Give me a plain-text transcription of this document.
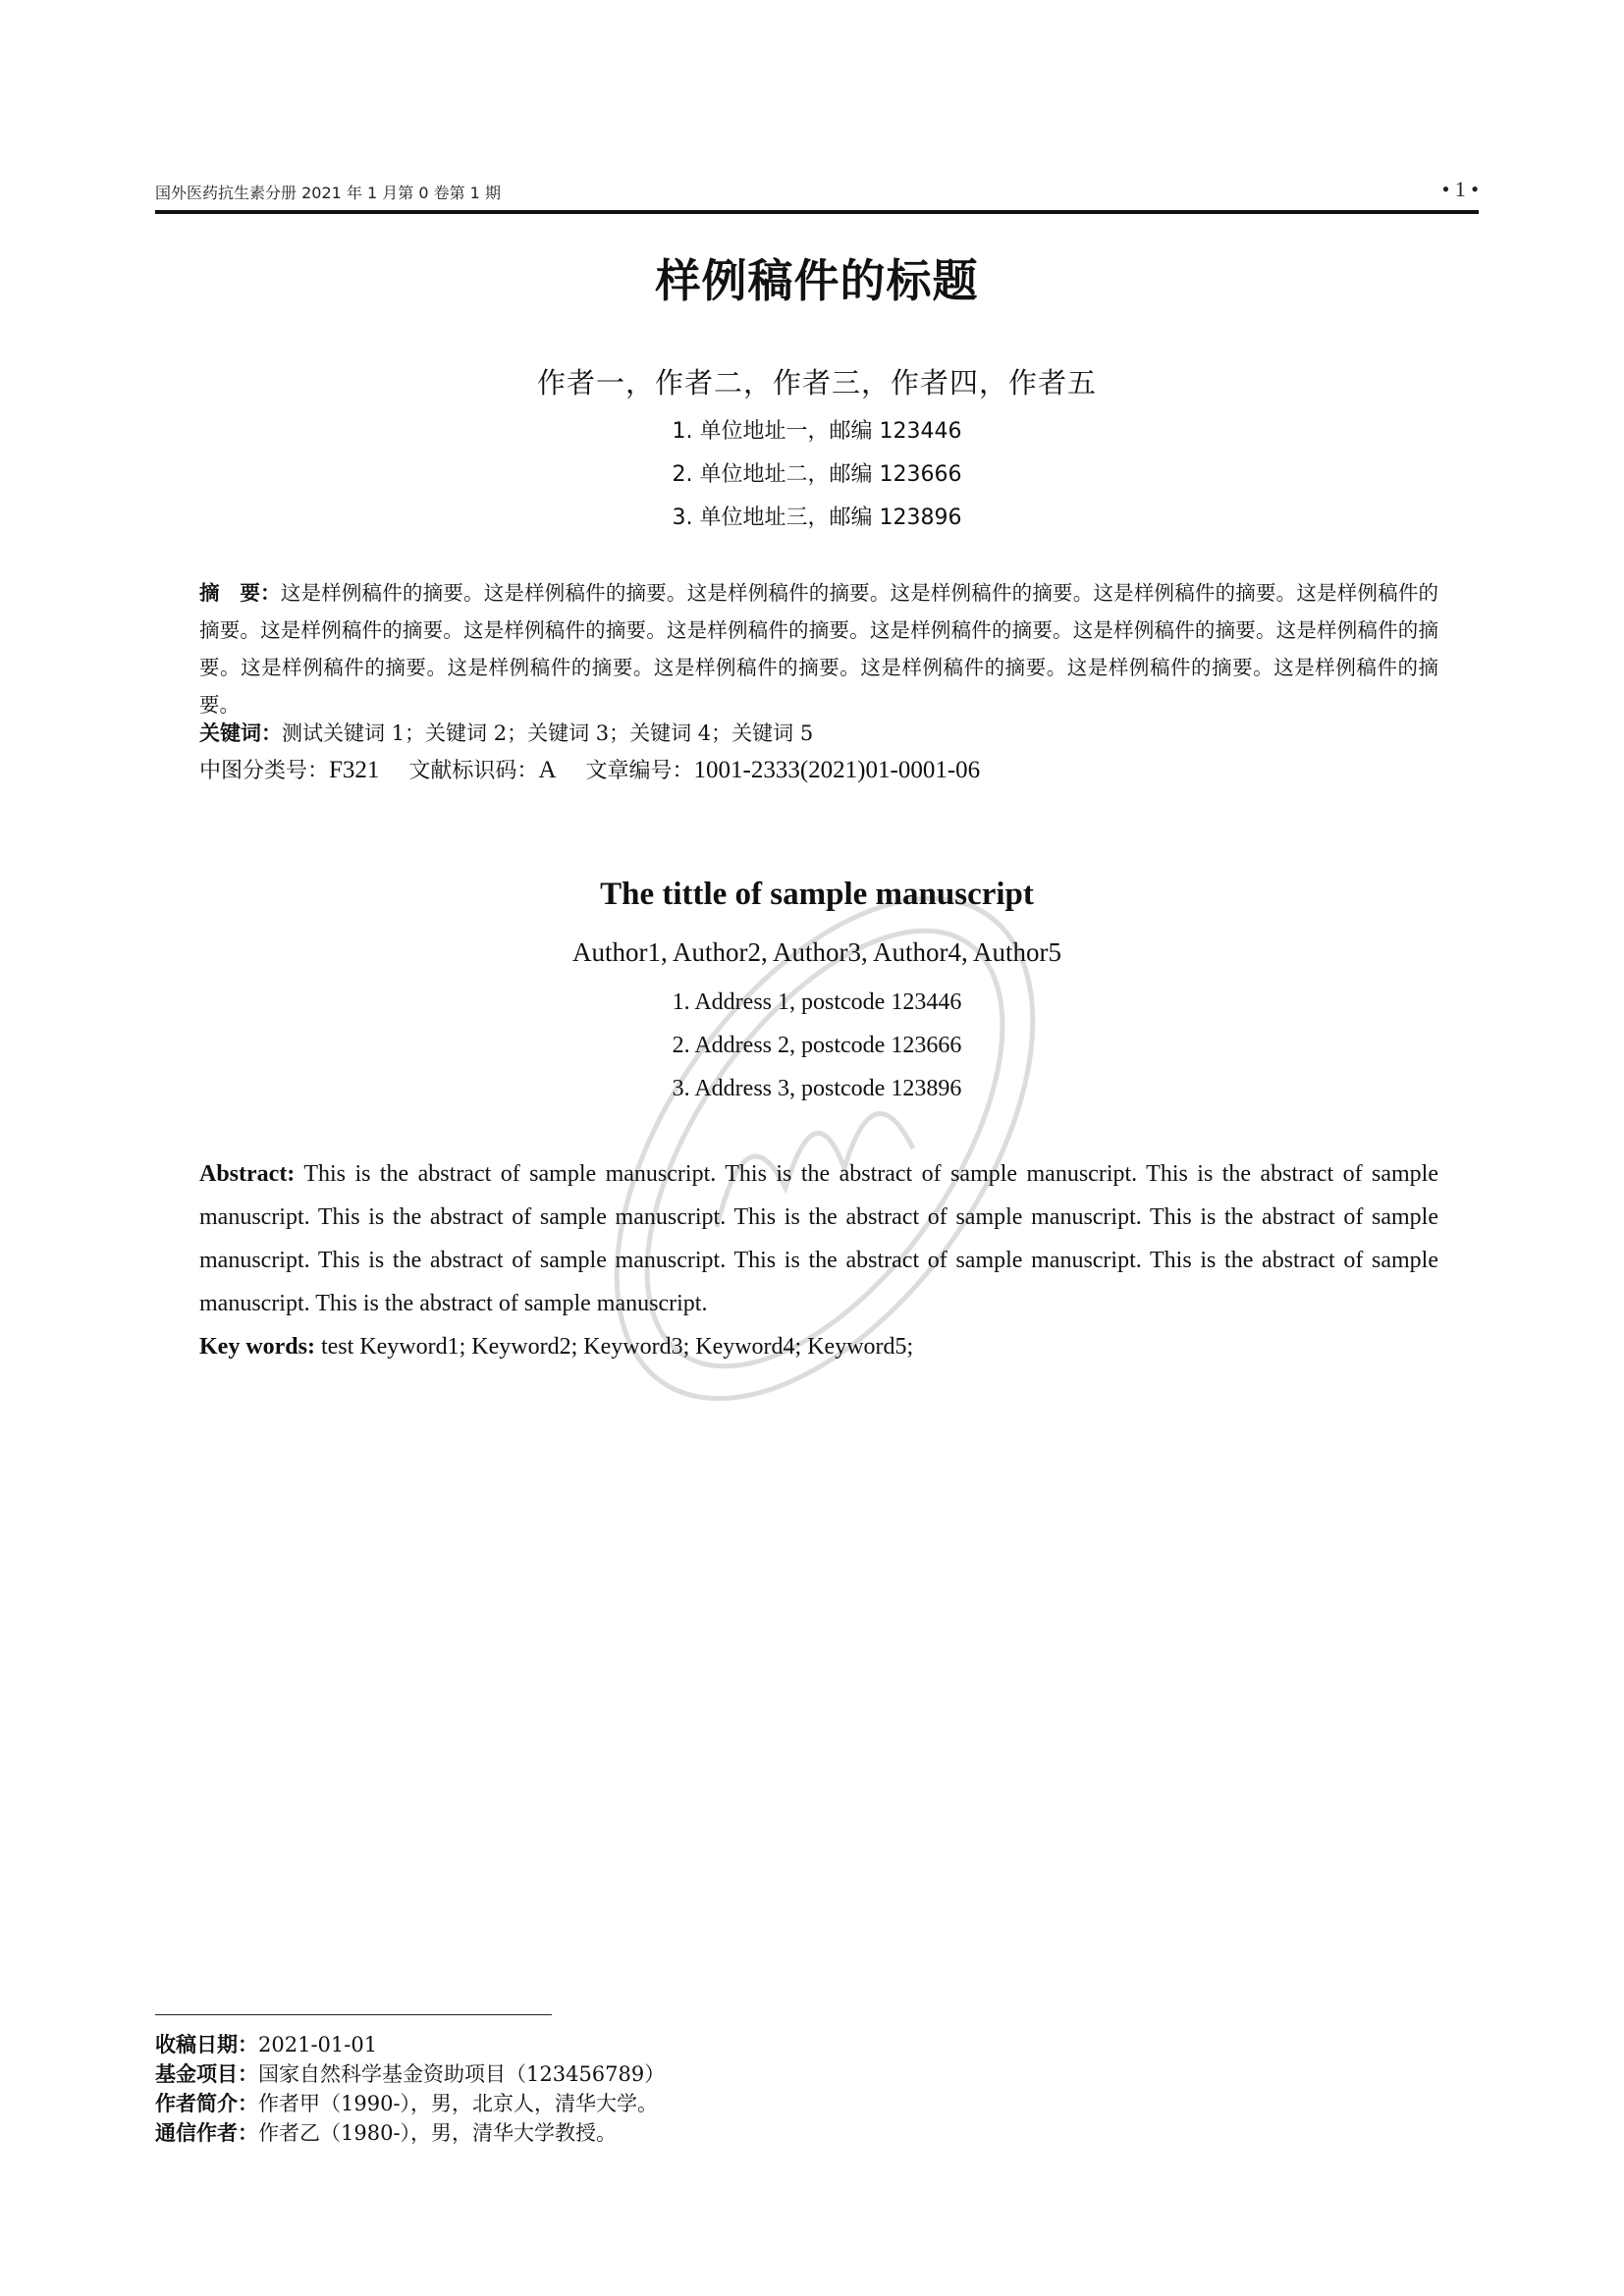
国外医药抗生素分册 2021 年 1 月第 0 卷第 1 期	• 1 •
样例稿件的标题
作者一，作者二，作者三，作者四，作者五
1. 单位地址一，邮编 123446
2. 单位地址二，邮编 123666
3. 单位地址三，邮编 123896
摘　要：这是样例稿件的摘要。这是样例稿件的摘要。这是样例稿件的摘要。这是样例稿件的摘要。这是样例稿件的摘要。这是样例稿件的摘要。这是样例稿件的摘要。这是样例稿件的摘要。这是样例稿件的摘要。这是样例稿件的摘要。这是样例稿件的摘要。这是样例稿件的摘要。这是样例稿件的摘要。这是样例稿件的摘要。这是样例稿件的摘要。这是样例稿件的摘要。这是样例稿件的摘要。这是样例稿件的摘要。
关键词：测试关键词 1；关键词 2；关键词 3；关键词 4；关键词 5
中图分类号：F321 文献标识码：A 文章编号：1001-2333(2021)01-0001-06
The tittle of sample manuscript
Author1, Author2, Author3, Author4, Author5
1. Address 1, postcode 123446
2. Address 2, postcode 123666
3. Address 3, postcode 123896
Abstract: This is the abstract of sample manuscript. This is the abstract of sample manuscript. This is the abstract of sample manuscript. This is the abstract of sample manuscript. This is the abstract of sample manuscript. This is the abstract of sample manuscript. This is the abstract of sample manuscript. This is the abstract of sample manuscript. This is the abstract of sample manuscript. This is the abstract of sample manuscript.
Key words: test Keyword1; Keyword2; Keyword3; Keyword4; Keyword5;
收稿日期：2021-01-01
基金项目：国家自然科学基金资助项目（123456789）
作者简介：作者甲（1990-），男，北京人，清华大学。
通信作者：作者乙（1980-），男，清华大学教授。
